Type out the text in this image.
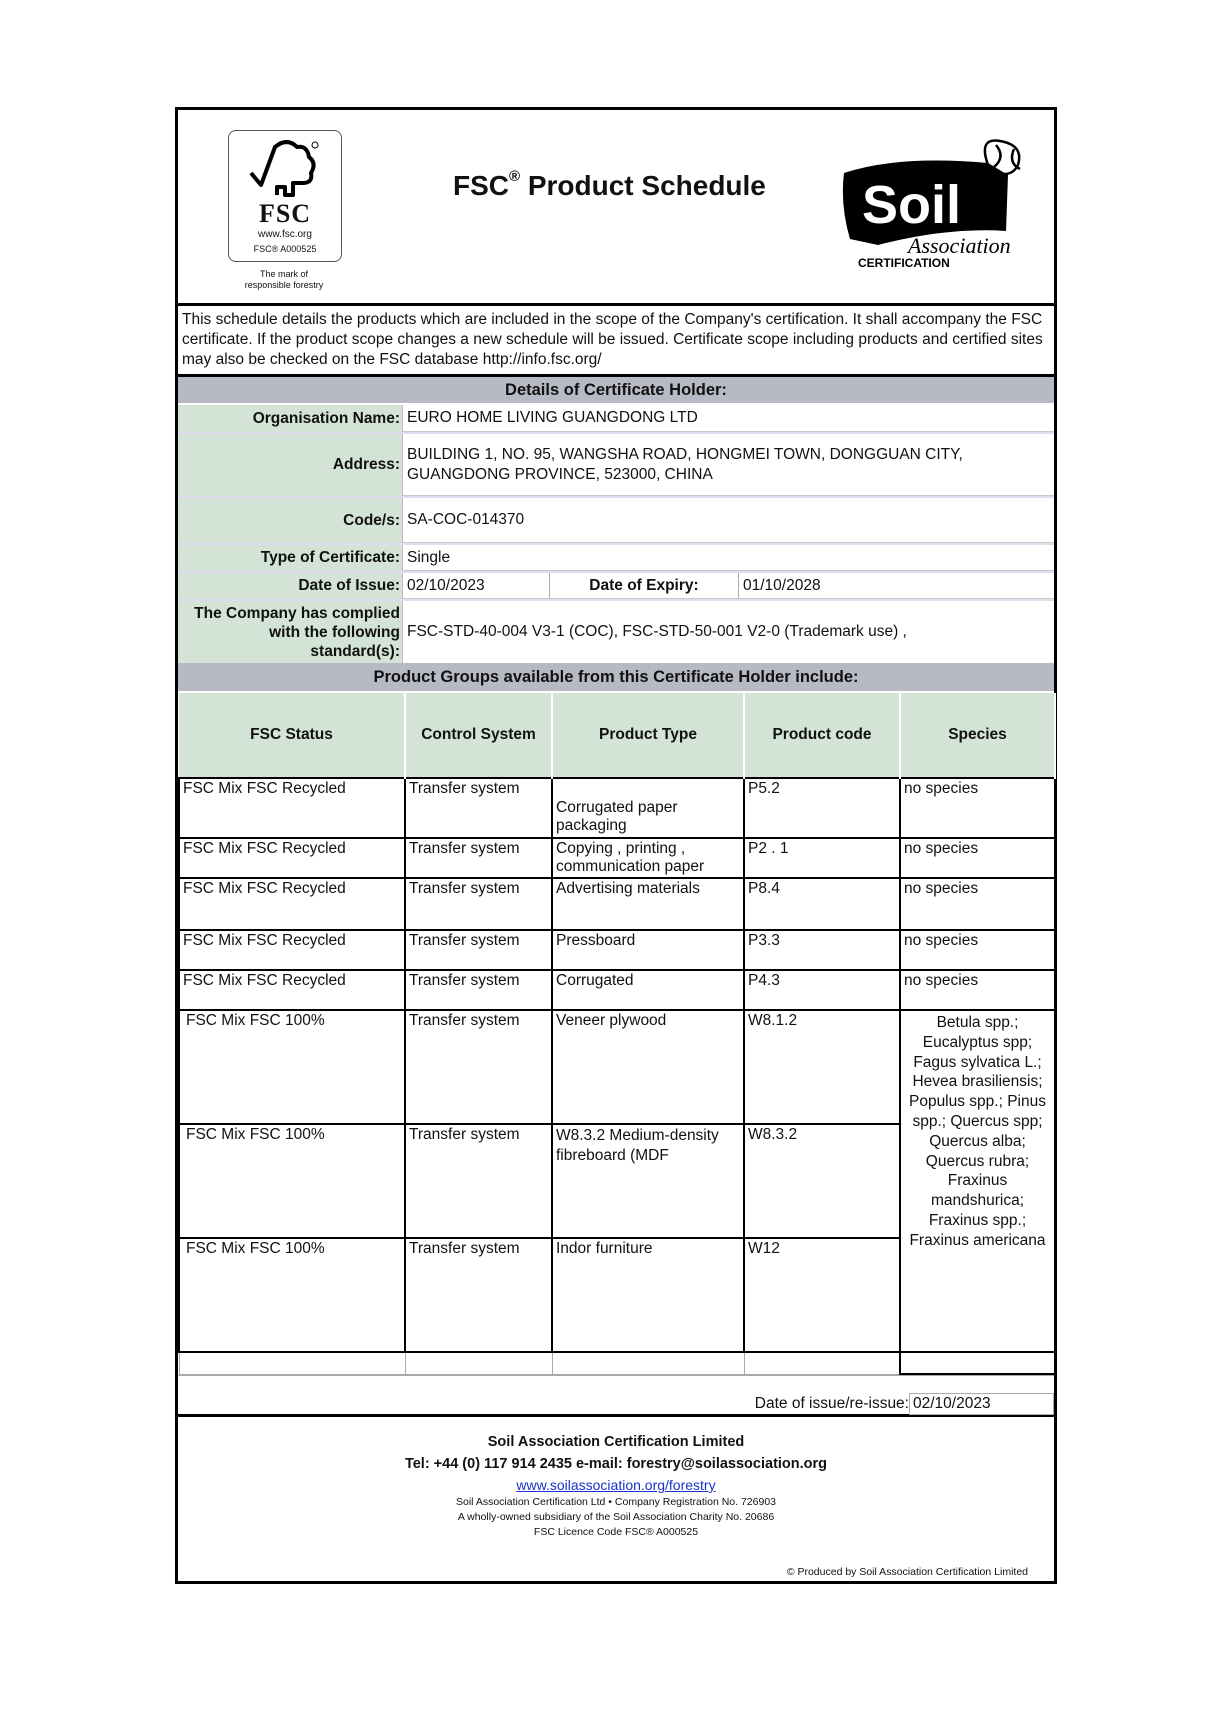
FSC
www.fsc.org
FSC® A000525
The mark of
responsible forestry
FSC® Product Schedule Soil
Association
CERTIFICATION
This schedule details the products which are included in the scope of the Company's certification. It shall accompany the FSC certificate. If the product scope changes a new schedule will be issued. Certificate scope including products and certified sites may also be checked on the FSC database http://info.fsc.org/
Details of Certificate Holder:
Organisation Name: EURO HOME LIVING GUANGDONG LTD
Address:
BUILDING 1, NO. 95, WANGSHA ROAD, HONGMEI TOWN, DONGGUAN CITY,
GUANGDONG PROVINCE, 523000, CHINA
Code/s: SA-COC-014370
Type of Certificate: Single
Date of Issue: 02/10/2023	Date of Expiry:	01/10/2028
The Company has complied
with the following
standard(s):
FSC-STD-40-004 V3-1 (COC), FSC-STD-50-001 V2-0 (Trademark use) ,
Product Groups available from this Certificate Holder include:
FSC Status	Control System	Product Type	Product code	Species
FSC Mix FSC Recycled	Transfer system	Corrugated paper packaging	P5.2	no species
FSC Mix FSC Recycled	Transfer system	Copying , printing , communication paper	P2 . 1	no species
FSC Mix FSC Recycled	Transfer system	Advertising materials	P8.4	no species
FSC Mix FSC Recycled	Transfer system	Pressboard	P3.3	no species
FSC Mix FSC Recycled	Transfer system	Corrugated	P4.3	no species
FSC Mix FSC 100%	Transfer system	Veneer plywood	W8.1.2	Betula spp.; Eucalyptus spp; Fagus sylvatica L.; Hevea brasiliensis; Populus spp.; Pinus spp.; Quercus spp; Quercus alba; Quercus rubra; Fraxinus mandshurica; Fraxinus spp.; Fraxinus americana
FSC Mix FSC 100%	Transfer system	W8.3.2 Medium-density fibreboard (MDF	W8.3.2	
FSC Mix FSC 100%	Transfer system	Indor furniture	W12	

Date of issue/re-issue: 02/10/2023
Soil Association Certification Limited
Tel: +44 (0) 117 914 2435 e-mail: forestry@soilassociation.org
www.soilassociation.org/forestry
Soil Association Certification Ltd • Company Registration No. 726903
A wholly-owned subsidiary of the Soil Association Charity No. 20686
FSC Licence Code FSC® A000525
© Produced by Soil Association Certification Limited
